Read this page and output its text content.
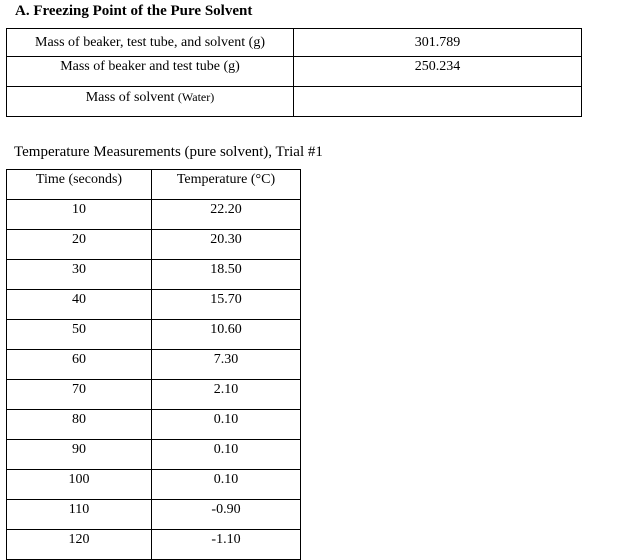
A. Freezing Point of the Pure Solvent
Mass of beaker, test tube, and solvent (g)	301.789
Mass of beaker and test tube (g)	250.234
Mass of solvent (Water)	
Temperature Measurements (pure solvent), Trial #1
Time (seconds)	Temperature (°C)
10	22.20
20	20.30
30	18.50
40	15.70
50	10.60
60	7.30
70	2.10
80	0.10
90	0.10
100	0.10
110	-0.90
120	-1.10
